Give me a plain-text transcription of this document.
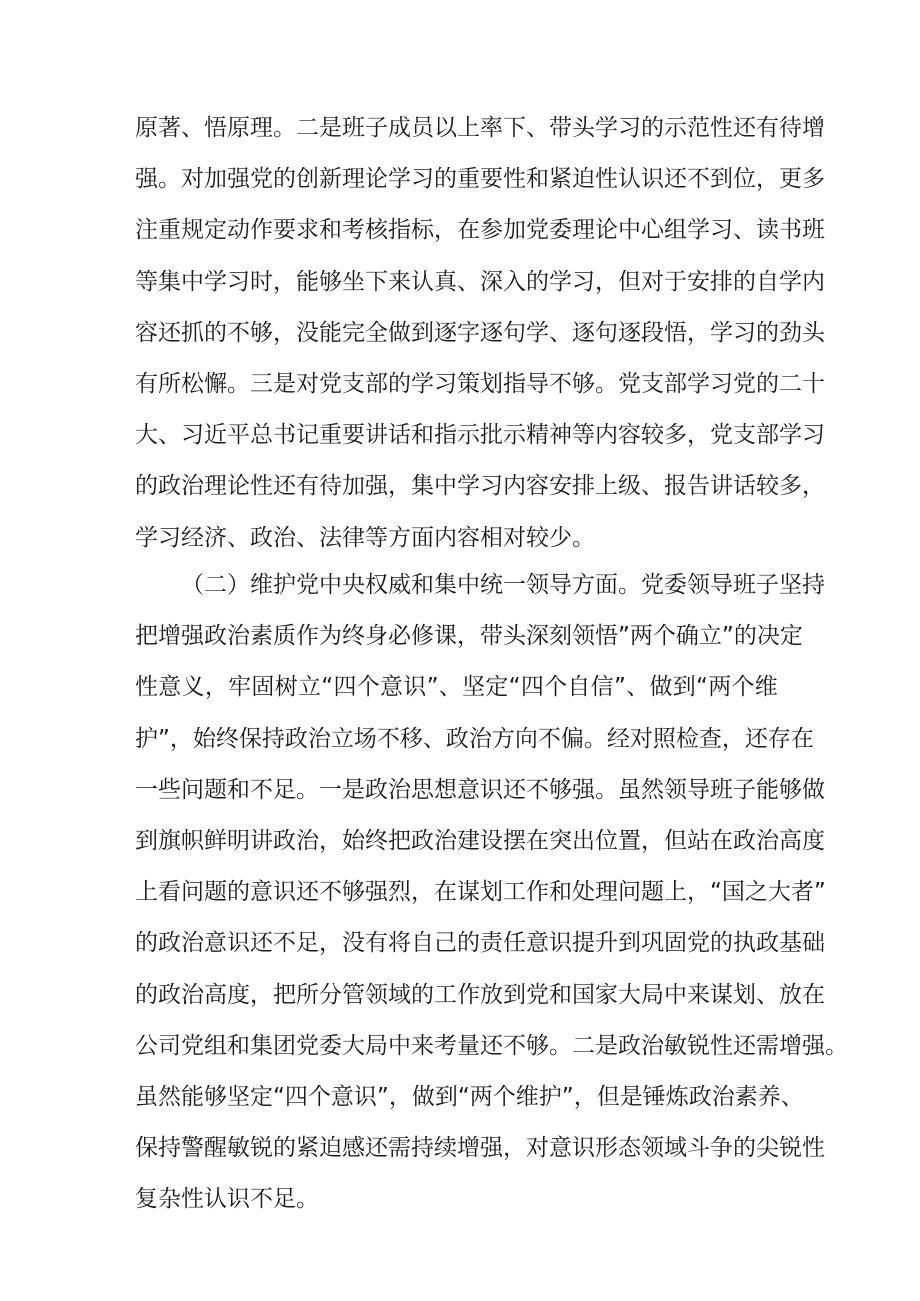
原 著 、 悟 原 理 。 二 是 班 子 成 员 以 上 率 下 、 带 头 学 习 的 示 范 性 还 有 待 增
强 。 对 加 强 党 的 创 新 理 论 学 习 的 重 要 性 和 紧 迫 性 认 识 还 不 到 位 ， 更 多
注 重 规 定 动 作 要 求 和 考 核 指 标 ， 在 参 加 党 委 理 论 中 心 组 学 习 、 读 书 班
等 集 中 学 习 时 ， 能 够 坐 下 来 认 真 、 深 入 的 学 习 ， 但 对 于 安 排 的 自 学 内
容 还 抓 的 不 够 ， 没 能 完 全 做 到 逐 字 逐 句 学 、 逐 句 逐 段 悟 ， 学 习 的 劲 头
有 所 松 懈 。 三 是 对 党 支 部 的 学 习 策 划 指 导 不 够 。 党 支 部 学 习 党 的 二 十
大 、 习 近 平 总 书 记 重 要 讲 话 和 指 示 批 示 精 神 等 内 容 较 多 ， 党 支 部 学 习
的 政 治 理 论 性 还 有 待 加 强 ， 集 中 学 习 内 容 安 排 上 级 、 报 告 讲 话 较 多 ，
学习经济、政治、法律等方面内容相对较少。
（ 二 ） 维 护 党 中 央 权 威 和 集 中 统 一 领 导 方 面 。 党 委 领 导 班 子 坚 持
把 增 强 政 治 素 质 作 为 终 身 必 修 课 ， 带 头 深 刻 领 悟 ” 两 个 确 立 ” 的 决 定
性 意 义 ， 牢 固 树 立 “ 四 个 意 识 ” 、 坚 定 “ 四 个 自 信 ” 、 做 到 “ 两 个 维
护 ” ， 始 终 保 持 政 治 立 场 不 移 、 政 治 方 向 不 偏 。 经 对 照 检 查 ， 还 存 在
一 些 问 题 和 不 足 。 一 是 政 治 思 想 意 识 还 不 够 强 。 虽 然 领 导 班 子 能 够 做
到 旗 帜 鲜 明 讲 政 治 ， 始 终 把 政 治 建 设 摆 在 突 出 位 置 ， 但 站 在 政 治 高 度
上 看 问 题 的 意 识 还 不 够 强 烈 ， 在 谋 划 工 作 和 处 理 问 题 上 ， “ 国 之 大 者 ”
的 政 治 意 识 还 不 足 ， 没 有 将 自 己 的 责 任 意 识 提 升 到 巩 固 党 的 执 政 基 础
的 政 治 高 度 ， 把 所 分 管 领 域 的 工 作 放 到 党 和 国 家 大 局 中 来 谋 划 、 放 在
公 司 党 组 和 集 团 党 委 大 局 中 来 考 量 还 不 够 。 二 是 政 治 敏 锐 性 还 需 增 强 。
虽 然 能 够 坚 定 “ 四 个 意 识 ” ， 做 到 “ 两 个 维 护 ” ， 但 是 锤 炼 政 治 素 养 、
保 持 警 醒 敏 锐 的 紧 迫 感 还 需 持 续 增 强 ， 对 意 识 形 态 领 域 斗 争 的 尖 锐 性
复杂性认识不足。
